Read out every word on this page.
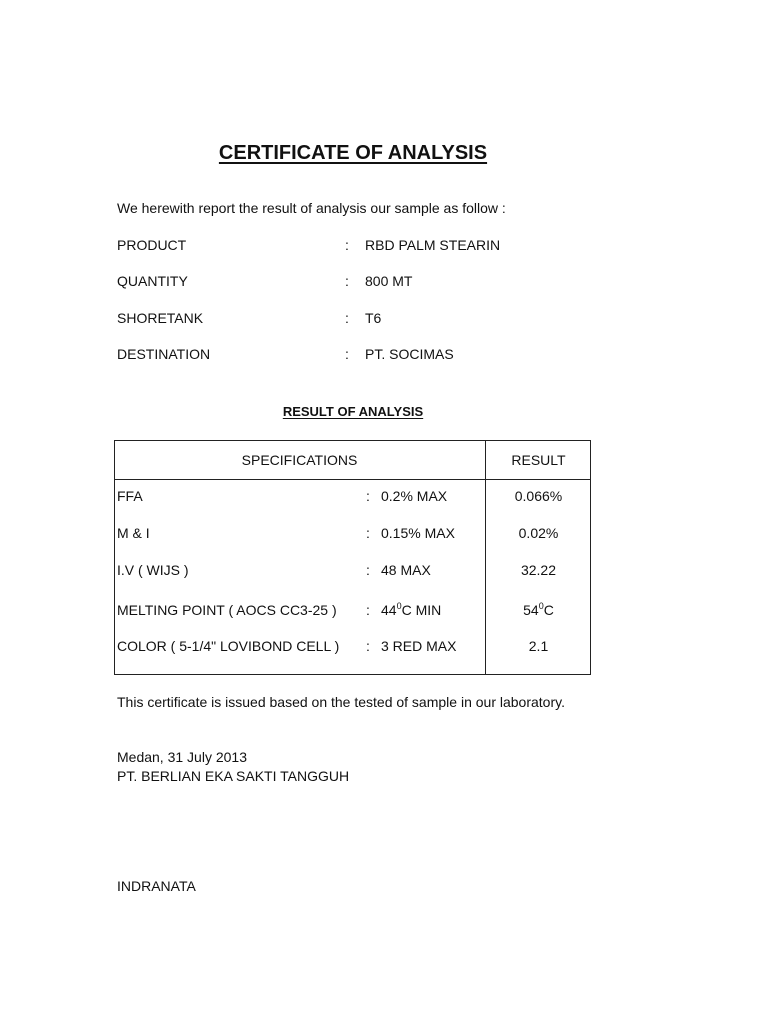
CERTIFICATE OF ANALYSIS
We herewith report the result of analysis our sample as follow :
PRODUCT	: RBD PALM STEARIN
QUANTITY	: 800 MT
SHORETANK	: T6
DESTINATION	: PT. SOCIMAS
RESULT OF ANALYSIS
SPECIFICATIONS	RESULT
FFA	: 0.2% MAX	0.066%
M & I	: 0.15% MAX	0.02%
I.V ( WIJS )	: 48 MAX	32.22
MELTING POINT ( AOCS CC3-25 ) : $44^0C$ MIN	$54^0C$
COLOR ( 5-1/4" LOVIBOND CELL ) : 3 RED MAX	2.1
This certificate is issued based on the tested of sample in our laboratory.
Medan, 31 July 2013
PT. BERLIAN EKA SAKTI TANGGUH
INDRANATA
